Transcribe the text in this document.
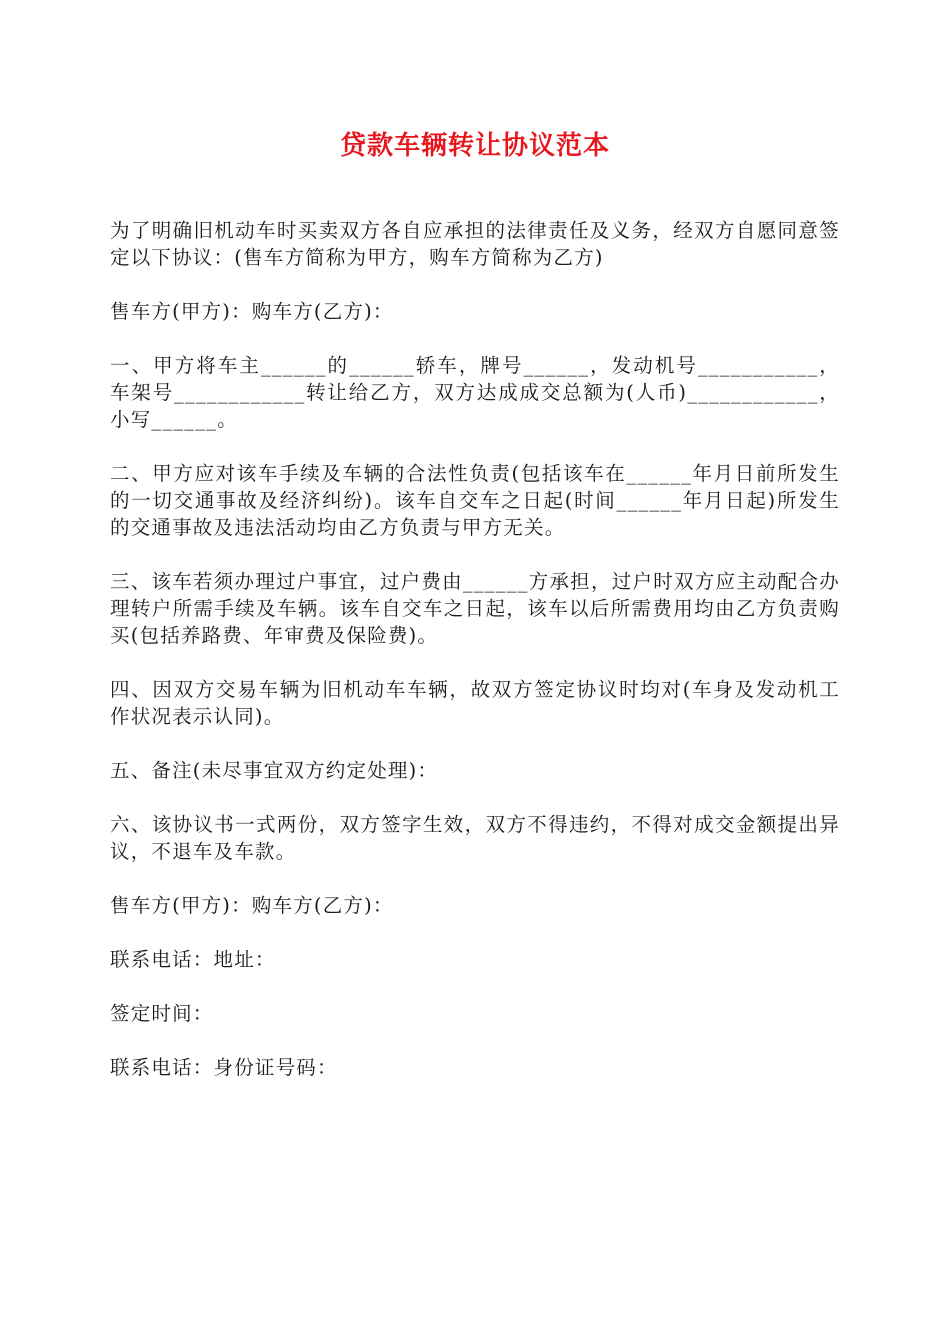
贷款车辆转让协议范本

为了明确旧机动车时买卖双方各自应承担的法律责任及义务，经双方自愿同意签定以下协议：(售车方简称为甲方，购车方简称为乙方)

售车方(甲方)：购车方(乙方)：

一、甲方将车主______的______轿车，牌号______，发动机号___________，车架号____________转让给乙方，双方达成成交总额为(人币)____________，小写______。

二、甲方应对该车手续及车辆的合法性负责(包括该车在______年月日前所发生的一切交通事故及经济纠纷)。该车自交车之日起(时间______年月日起)所发生的交通事故及违法活动均由乙方负责与甲方无关。

三、该车若须办理过户事宜，过户费由______方承担，过户时双方应主动配合办理转户所需手续及车辆。该车自交车之日起，该车以后所需费用均由乙方负责购买(包括养路费、年审费及保险费)。

四、因双方交易车辆为旧机动车车辆，故双方签定协议时均对(车身及发动机工作状况表示认同)。

五、备注(未尽事宜双方约定处理)：

六、该协议书一式两份，双方签字生效，双方不得违约，不得对成交金额提出异议，不退车及车款。

售车方(甲方)：购车方(乙方)：

联系电话：地址：

签定时间：

联系电话：身份证号码：
